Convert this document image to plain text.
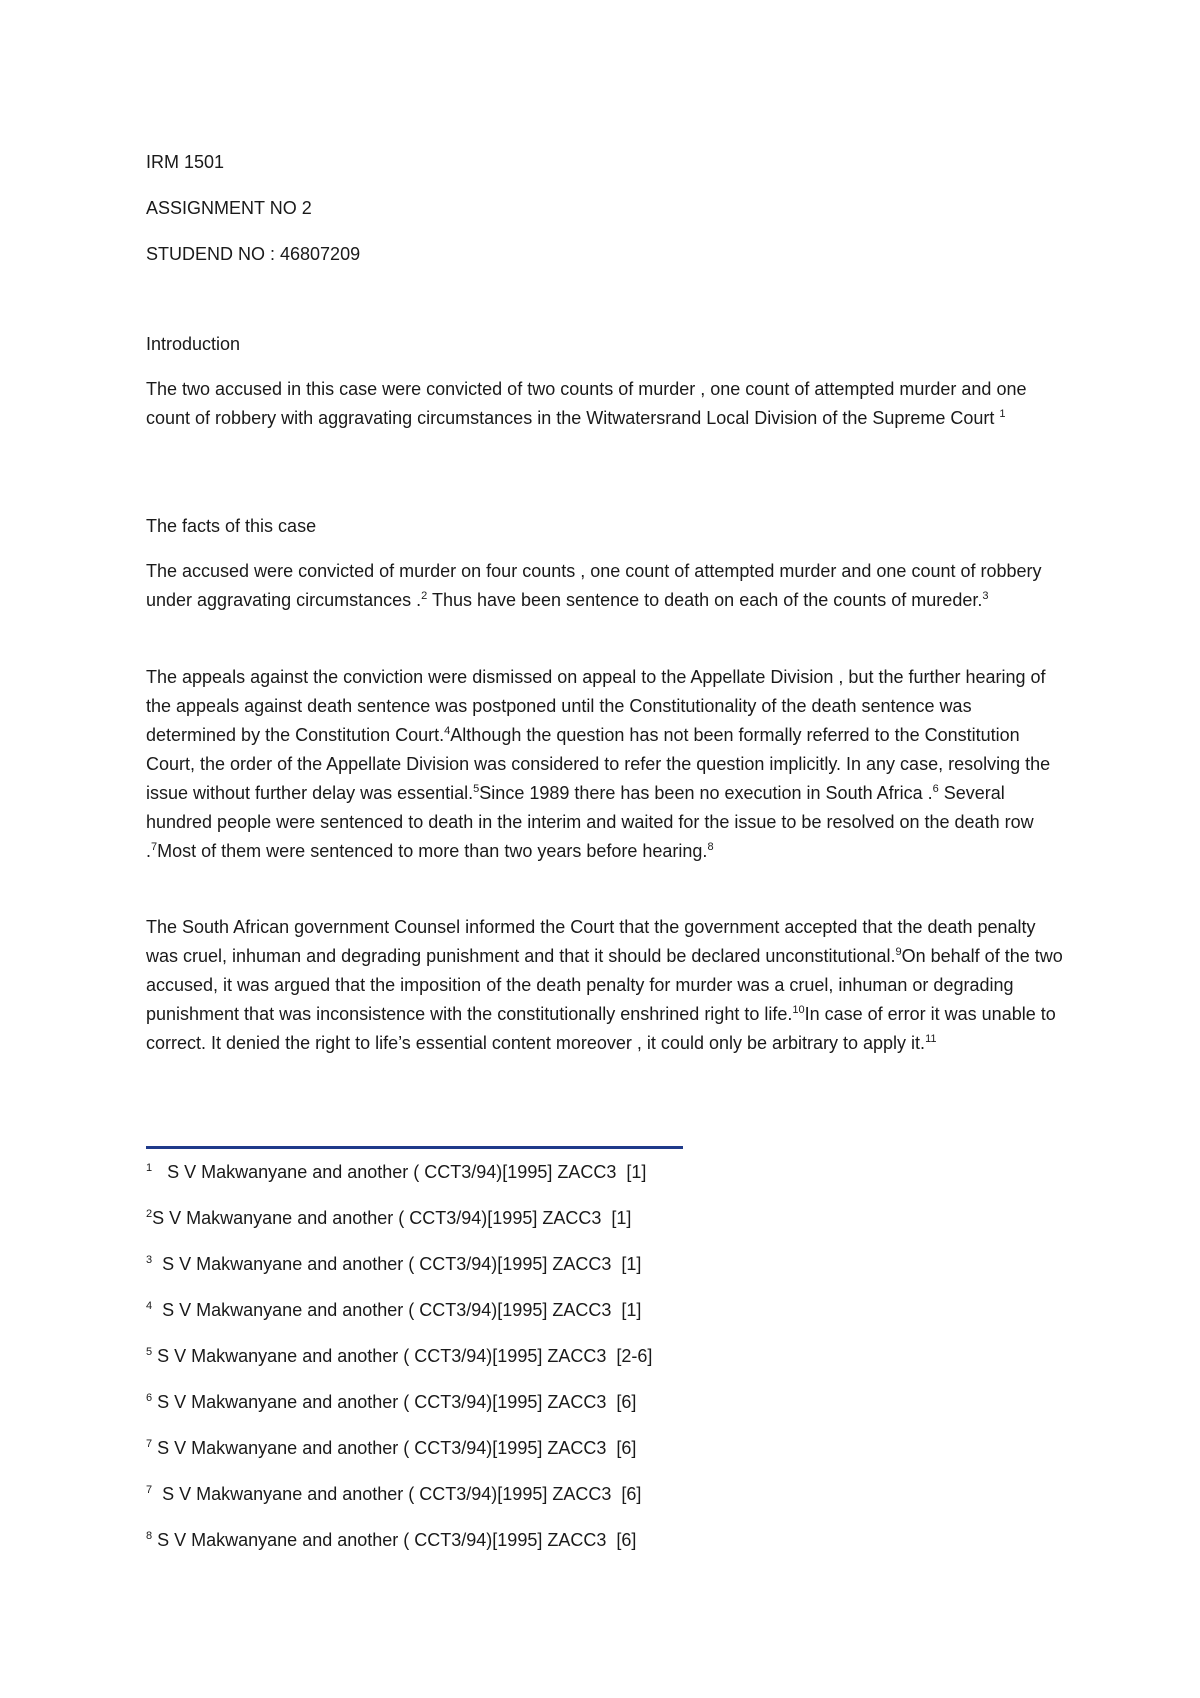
IRM 1501

ASSIGNMENT NO 2

STUDEND NO : 46807209

Introduction

The two accused in this case were convicted of two counts of murder , one count of attempted murder and one count of robbery with aggravating circumstances in the Witwatersrand Local Division of the Supreme Court $^1$

The facts of this case

The accused were convicted of murder on four counts , one count of attempted murder and one count of robbery under aggravating circumstances .$^2$ Thus have been sentence to death on each of the counts of mureder.$^3$

The appeals against the conviction were dismissed on appeal to the Appellate Division , but the further hearing of the appeals against death sentence was postponed until the Constitutionality of the death sentence was determined by the Constitution Court.$^4$Although the question has not been formally referred to the Constitution Court, the order of the Appellate Division was considered to refer the question implicitly. In any case, resolving the issue without further delay was essential.$^5$Since 1989 there has been no execution in South Africa .$^6$ Several hundred people were sentenced to death in the interim and waited for the issue to be resolved on the death row .$^7$Most of them were sentenced to more than two years before hearing.$^8$

The South African government Counsel informed the Court that the government accepted that the death penalty was cruel, inhuman and degrading punishment and that it should be declared unconstitutional.$^9$On behalf of the two accused, it was argued that the imposition of the death penalty for murder was a cruel, inhuman or degrading punishment that was inconsistence with the constitutionally enshrined right to life.$^{10}$In case of error it was unable to correct. It denied the right to life’s essential content moreover , it could only be arbitrary to apply it.$^{11}$

$^1$   S V Makwanyane and another ( CCT3/94)[1995] ZACC3  [1]

$^2$S V Makwanyane and another ( CCT3/94)[1995] ZACC3  [1]

$^3$  S V Makwanyane and another ( CCT3/94)[1995] ZACC3  [1]

$^4$  S V Makwanyane and another ( CCT3/94)[1995] ZACC3  [1]

$^5$ S V Makwanyane and another ( CCT3/94)[1995] ZACC3  [2-6]

$^6$ S V Makwanyane and another ( CCT3/94)[1995] ZACC3  [6]

$^7$ S V Makwanyane and another ( CCT3/94)[1995] ZACC3  [6]

$^7$  S V Makwanyane and another ( CCT3/94)[1995] ZACC3  [6]

$^8$ S V Makwanyane and another ( CCT3/94)[1995] ZACC3  [6]
